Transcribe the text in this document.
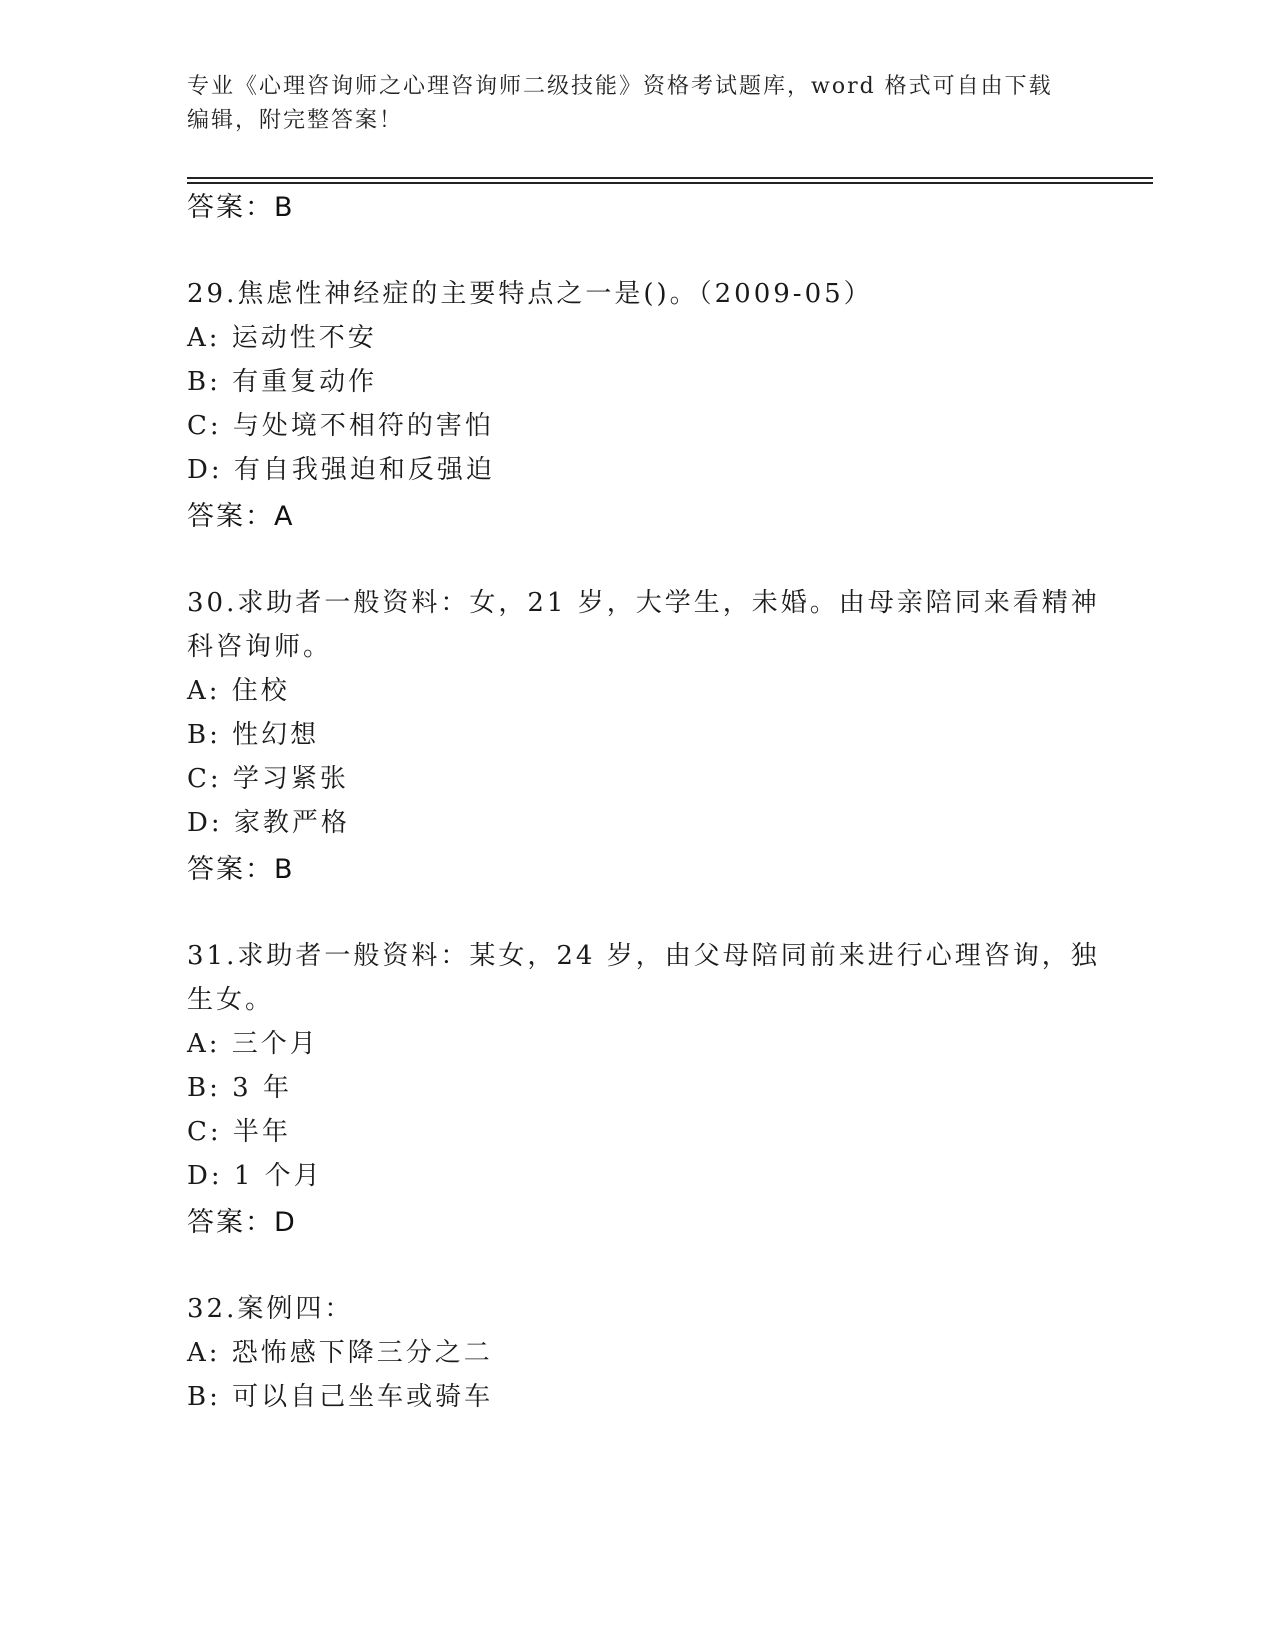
专业《心理咨询师之心理咨询师二级技能》资格考试题库，word 格式可自由下载
编辑，附完整答案！
答案：B
29.焦虑性神经症的主要特点之一是()。（2009-05）
A: 运动性不安
B: 有重复动作
C: 与处境不相符的害怕
D: 有自我强迫和反强迫
答案：A
30.求助者一般资料：女，21 岁，大学生，未婚。由母亲陪同来看精神
科咨询师。
A: 住校
B: 性幻想
C: 学习紧张
D: 家教严格
答案：B
31.求助者一般资料：某女，24 岁，由父母陪同前来进行心理咨询，独
生女。
A: 三个月
B: 3 年
C: 半年
D: 1 个月
答案：D
32.案例四：
A: 恐怖感下降三分之二
B: 可以自己坐车或骑车
